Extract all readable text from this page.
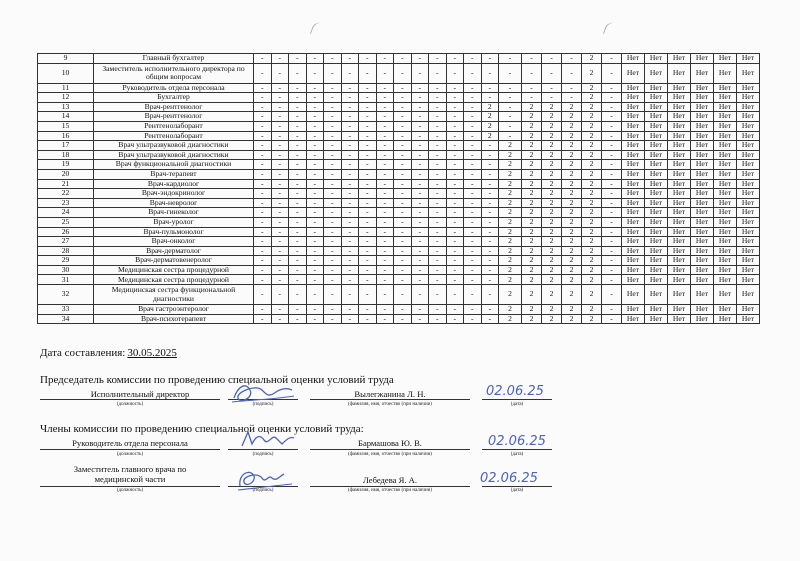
9	Главный бухгалтер	-	-	-	-	-	-	-	-	-	-	-	-	-	-	-	-	-	-	2	-	Нет	Нет	Нет	Нет	Нет	Нет
10	Заместитель исполнительного директора по общим вопросам	-	-	-	-	-	-	-	-	-	-	-	-	-	-	-	-	-	-	2	-	Нет	Нет	Нет	Нет	Нет	Нет
11	Руководитель отдела персонала	-	-	-	-	-	-	-	-	-	-	-	-	-	-	-	-	-	-	2	-	Нет	Нет	Нет	Нет	Нет	Нет
12	Бухгалтер	-	-	-	-	-	-	-	-	-	-	-	-	-	-	-	-	-	-	2	-	Нет	Нет	Нет	Нет	Нет	Нет
13	Врач-рентгенолог	-	-	-	-	-	-	-	-	-	-	-	-	-	2	-	2	2	2	2	-	Нет	Нет	Нет	Нет	Нет	Нет
14	Врач-рентгенолог	-	-	-	-	-	-	-	-	-	-	-	-	-	2	-	2	2	2	2	-	Нет	Нет	Нет	Нет	Нет	Нет
15	Рентгенолаборант	-	-	-	-	-	-	-	-	-	-	-	-	-	2	-	2	2	2	2	-	Нет	Нет	Нет	Нет	Нет	Нет
16	Рентгенолаборант	-	-	-	-	-	-	-	-	-	-	-	-	-	2	-	2	2	2	2	-	Нет	Нет	Нет	Нет	Нет	Нет
17	Врач ультразвуковой диагностики	-	-	-	-	-	-	-	-	-	-	-	-	-	-	2	2	2	2	2	-	Нет	Нет	Нет	Нет	Нет	Нет
18	Врач ультразвуковой диагностики	-	-	-	-	-	-	-	-	-	-	-	-	-	-	2	2	2	2	2	-	Нет	Нет	Нет	Нет	Нет	Нет
19	Врач функциональной диагностики	-	-	-	-	-	-	-	-	-	-	-	-	-	-	2	2	2	2	2	-	Нет	Нет	Нет	Нет	Нет	Нет
20	Врач-терапевт	-	-	-	-	-	-	-	-	-	-	-	-	-	-	2	2	2	2	2	-	Нет	Нет	Нет	Нет	Нет	Нет
21	Врач-кардиолог	-	-	-	-	-	-	-	-	-	-	-	-	-	-	2	2	2	2	2	-	Нет	Нет	Нет	Нет	Нет	Нет
22	Врач-эндокринолог	-	-	-	-	-	-	-	-	-	-	-	-	-	-	2	2	2	2	2	-	Нет	Нет	Нет	Нет	Нет	Нет
23	Врач-невролог	-	-	-	-	-	-	-	-	-	-	-	-	-	-	2	2	2	2	2	-	Нет	Нет	Нет	Нет	Нет	Нет
24	Врач-гинеколог	-	-	-	-	-	-	-	-	-	-	-	-	-	-	2	2	2	2	2	-	Нет	Нет	Нет	Нет	Нет	Нет
25	Врач-уролог	-	-	-	-	-	-	-	-	-	-	-	-	-	-	2	2	2	2	2	-	Нет	Нет	Нет	Нет	Нет	Нет
26	Врач-пульмонолог	-	-	-	-	-	-	-	-	-	-	-	-	-	-	2	2	2	2	2	-	Нет	Нет	Нет	Нет	Нет	Нет
27	Врач-онколог	-	-	-	-	-	-	-	-	-	-	-	-	-	-	2	2	2	2	2	-	Нет	Нет	Нет	Нет	Нет	Нет
28	Врач-дерматолог	-	-	-	-	-	-	-	-	-	-	-	-	-	-	2	2	2	2	2	-	Нет	Нет	Нет	Нет	Нет	Нет
29	Врач-дерматовенеролог	-	-	-	-	-	-	-	-	-	-	-	-	-	-	2	2	2	2	2	-	Нет	Нет	Нет	Нет	Нет	Нет
30	Медицинская сестра процедурной	-	-	-	-	-	-	-	-	-	-	-	-	-	-	2	2	2	2	2	-	Нет	Нет	Нет	Нет	Нет	Нет
31	Медицинская сестра процедурной	-	-	-	-	-	-	-	-	-	-	-	-	-	-	2	2	2	2	2	-	Нет	Нет	Нет	Нет	Нет	Нет
32	Медицинская сестра функциональной диагностики	-	-	-	-	-	-	-	-	-	-	-	-	-	-	2	2	2	2	2	-	Нет	Нет	Нет	Нет	Нет	Нет
33	Врач гастроэнтеролог	-	-	-	-	-	-	-	-	-	-	-	-	-	-	2	2	2	2	2	-	Нет	Нет	Нет	Нет	Нет	Нет
34	Врач-психотерапевт	-	-	-	-	-	-	-	-	-	-	-	-	-	-	2	2	2	2	2	-	Нет	Нет	Нет	Нет	Нет	Нет
Дата составления: 30.05.2025
Председатель комиссии по проведению специальной оценки условий труда
Исполнительный директор
(должность)	(подпись)
Вылегжанина Л. Н.
(фамилия, имя, отчество (при наличии)
02.06.25
(дата)
Члены комиссии по проведению специальной оценки условий труда:
Руководитель отдела персонала
(должность)	(подпись)
Бармашова Ю. В.
(фамилия, имя, отчество (при наличии)
02.06.25
(дата)
Заместитель главного врача по медицинской части
(должность)	(подпись)
Лебедева Я. А.
(фамилия, имя, отчество (при наличии)
02.06.25
(дата)
